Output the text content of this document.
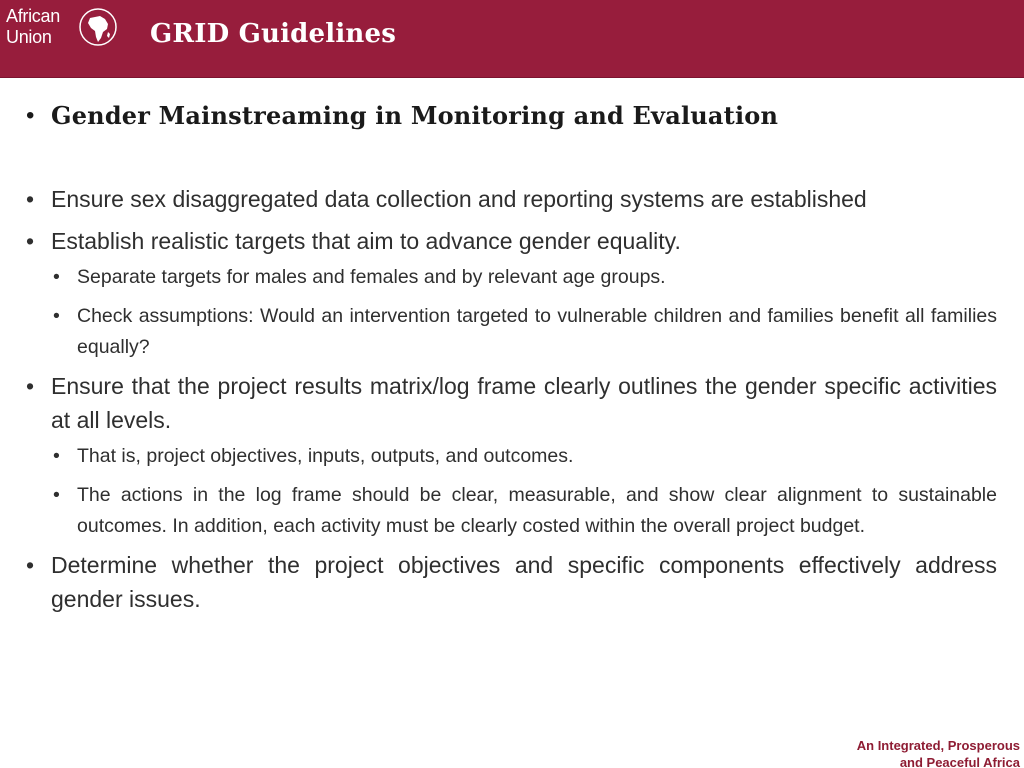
African
Union	GRID Guidelines
• Gender Mainstreaming in Monitoring and Evaluation
• Ensure sex disaggregated data collection and reporting systems are established
• Establish realistic targets that aim to advance gender equality.
• Separate targets for males and females and by relevant age groups.
• Check assumptions: Would an intervention targeted to vulnerable children and families benefit all families equally?
• Ensure that the project results matrix/log frame clearly outlines the gender specific activities at all levels.
• That is, project objectives, inputs, outputs, and outcomes.
• The actions in the log frame should be clear, measurable, and show clear alignment to sustainable outcomes. In addition, each activity must be clearly costed within the overall project budget.
• Determine whether the project objectives and specific components effectively address gender issues.
An Integrated, Prosperous
and Peaceful Africa
